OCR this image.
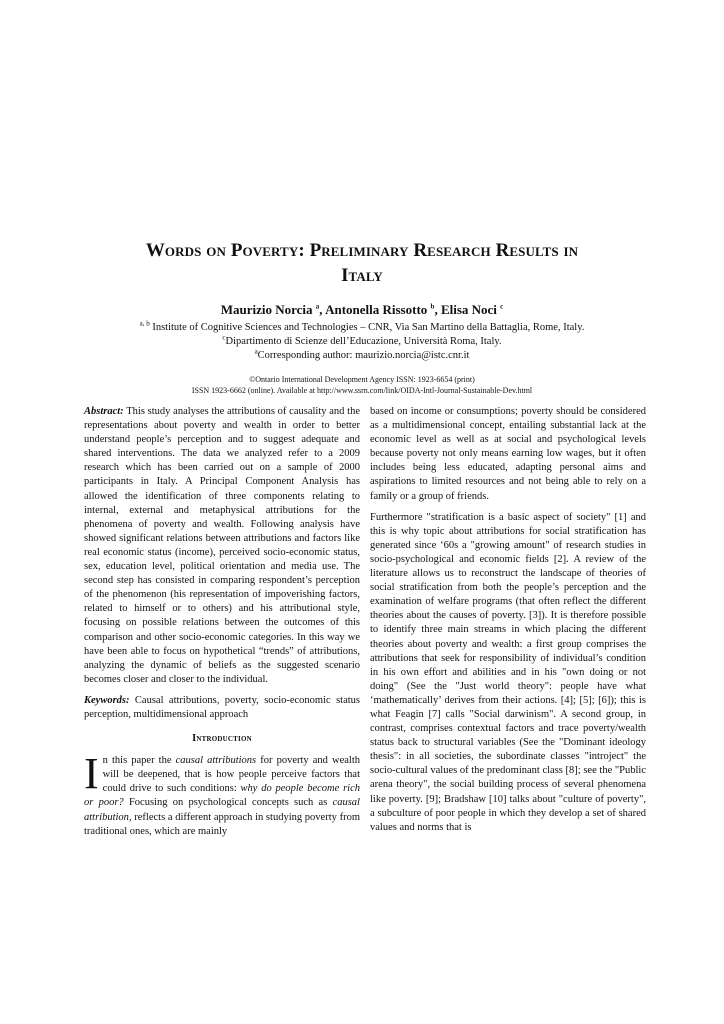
Words on Poverty: Preliminary Research Results in
Italy
Maurizio Norcia $^a$, Antonella Rissotto $^b$, Elisa Noci $^c$
$^{a, b}$ Institute of Cognitive Sciences and Technologies – CNR, Via San Martino della Battaglia, Rome, Italy.
$^c$Dipartimento di Scienze dell’Educazione, Università Roma, Italy.
$^a$Corresponding author: maurizio.norcia@istc.cnr.it
©Ontario International Development Agency ISSN: 1923-6654 (print)
ISSN 1923-6662 (online). Available at http://www.ssrn.com/link/OIDA-Intl-Journal-Sustainable-Dev.html

Abstract: This study analyses the attributions of causality and the representations about poverty and wealth in order to better understand people’s perception and to suggest adequate and shared interventions. The data we analyzed refer to a 2009 research which has been carried out on a sample of 2000 participants in Italy. A Principal Component Analysis has allowed the identification of three components relating to internal, external and metaphysical attributions for the phenomena of poverty and wealth. Following analysis have showed significant relations between attributions and factors like real economic status (income), perceived socio-economic status, sex, education level, political orientation and media use. The second step has consisted in comparing respondent’s perception of the phenomenon (his representation of impoverishing factors, related to himself or to others) and his attributional style, focusing on possible relations between the outcomes of this comparison and other socio-economic categories. In this way we have been able to focus on hypothetical “trends” of attributions, analyzing the dynamic of beliefs as the suggested scenario becomes closer and closer to the individual.

Keywords: Causal attributions, poverty, socio-economic status perception, multidimensional approach

Introduction

In this paper the causal attributions for poverty and wealth will be deepened, that is how people perceive factors that could drive to such conditions: why do people become rich or poor? Focusing on psychological concepts such as causal attribution, reflects a different approach in studying poverty from traditional ones, which are mainly

based on income or consumptions; poverty should be considered as a multidimensional concept, entailing substantial lack at the economic level as well as at social and psychological levels because poverty not only means earning low wages, but it often includes being less educated, adapting personal aims and aspirations to limited resources and not being able to rely on a family or a group of friends.

Furthermore "stratification is a basic aspect of society" [1] and this is why topic about attributions for social stratification has generated since ‘60s a "growing amount" of research studies in socio-psychological and economic fields [2]. A review of the literature allows us to reconstruct the landscape of theories of social stratification from both the people’s perception and the examination of welfare programs (that often reflect the different theories about the causes of poverty. [3]). It is therefore possible to identify three main streams in which placing the different theories about poverty and wealth: a first group comprises the attributions that seek for responsibility of individual’s condition in his own effort and abilities and in his "own doing or not doing" (See the "Just world theory": people have what ‘mathematically’ derives from their actions. [4]; [5]; [6]); this is what Feagin [7] calls "Social darwinism". A second group, in contrast, comprises contextual factors and trace poverty/wealth status back to structural variables (See the "Dominant ideology thesis": in all societies, the subordinate classes "introject" the socio-cultural values of the predominant class [8]; see the "Public arena theory", the social building process of several phenomena like poverty. [9]; Bradshaw [10] talks about "culture of poverty", a subculture of poor people in which they develop a set of shared values and norms that is
